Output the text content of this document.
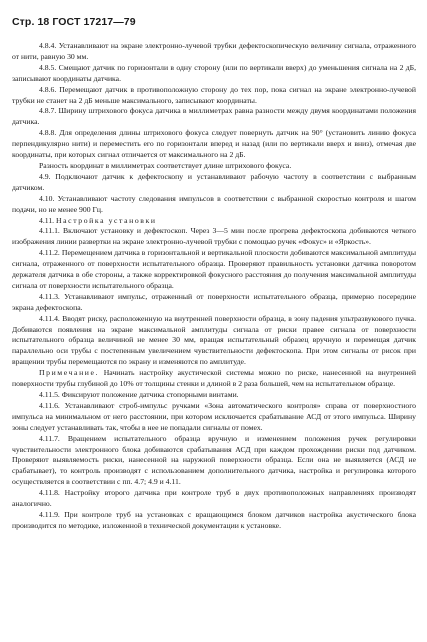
Стр. 18 ГОСТ 17217—79

4.8.4. Устанавливают на экране электронно-лучевой трубки дефектоскопическую величину сигнала, отраженного от нити, равную 30 мм.

4.8.5. Смещают датчик по горизонтали в одну сторону (или по вертикали вверх) до уменьшения сигнала на 2 дБ, записывают координаты датчика.

4.8.6. Перемещают датчик в противоположную сторону до тех пор, пока сигнал на экране электронно-лучевой трубки не станет на 2 дБ меньше максимального, записывают координаты.

4.8.7. Ширину штрихового фокуса датчика в миллиметрах равна разности между двумя координатами положения датчика.

4.8.8. Для определения длины штрихового фокуса следует повернуть датчик на 90° (установить линию фокуса перпендикулярно нити) и переместить его по горизонтали вперед и назад (или по вертикали вверх и вниз), отмечая две координаты, при которых сигнал отличается от максимального на 2 дБ.

Разность координат в миллиметрах соответствует длине штрихового фокуса.

4.9. Подключают датчик к дефектоскопу и устанавливают рабочую частоту в соответствии с выбранным датчиком.

4.10. Устанавливают частоту следования импульсов в соответствии с выбранной скоростью контроля и шагом подачи, но не менее 900 Гц.

4.11. Настройка установки

4.11.1. Включают установку и дефектоскоп. Через 3—5 мин после прогрева дефектоскопа добиваются четкого изображения линии развертки на экране электронно-лучевой трубки с помощью ручек «Фокус» и «Яркость».

4.11.2. Перемещением датчика в горизонтальной и вертикальной плоскости добиваются максимальной амплитуды сигнала, отраженного от поверхности испытательного образца. Проверяют правильность установки датчика поворотом держателя датчика в обе стороны, а также корректировкой фокусного расстояния до получения максимальной амплитуды сигнала от поверхности испытательного образца.

4.11.3. Устанавливают импульс, отраженный от поверхности испытательного образца, примерно посередине экрана дефектоскопа.

4.11.4. Вводят риску, расположенную на внутренней поверхности образца, в зону падения ультразвукового пучка. Добиваются появления на экране максимальной амплитуды сигнала от риски правее сигнала от поверхности испытательного образца величиной не менее 30 мм, вращая испытательный образец вручную и перемещая датчик параллельно оси трубы с постепенным увеличением чувствительности дефектоскопа. При этом сигналы от рисок при вращении трубы перемещаются по экрану и изменяются по амплитуде.

Примечание. Начинать настройку акустической системы можно по риске, нанесенной на внутренней поверхности трубы глубиной до 10% от толщины стенки и длиной в 2 раза большей, чем на испытательном образце.

4.11.5. Фиксируют положение датчика стопорными винтами.

4.11.6. Устанавливают строб-импульс ручками «Зона автоматического контроля» справа от поверхностного импульса на минимальном от него расстоянии, при котором исключается срабатывание АСД от этого импульса. Ширину зоны следует устанавливать так, чтобы в нее не попадали сигналы от помех.

4.11.7. Вращением испытательного образца вручную и изменением положения ручек регулировки чувствительности электронного блока добиваются срабатывания АСД при каждом прохождении риски под датчиком. Проверяют выявляемость риски, нанесенной на наружной поверхности образца. Если она не выявляется (АСД не срабатывает), то контроль производят с использованием дополнительного датчика, настройка и регулировка которого осуществляется в соответствии с пп. 4.7; 4.9 и 4.11.

4.11.8. Настройку второго датчика при контроле труб в двух противоположных направлениях производят аналогично.

4.11.9. При контроле труб на установках с вращающимся блоком датчиков настройка акустического блока производится по методике, изложенной в технической документации к установке.
